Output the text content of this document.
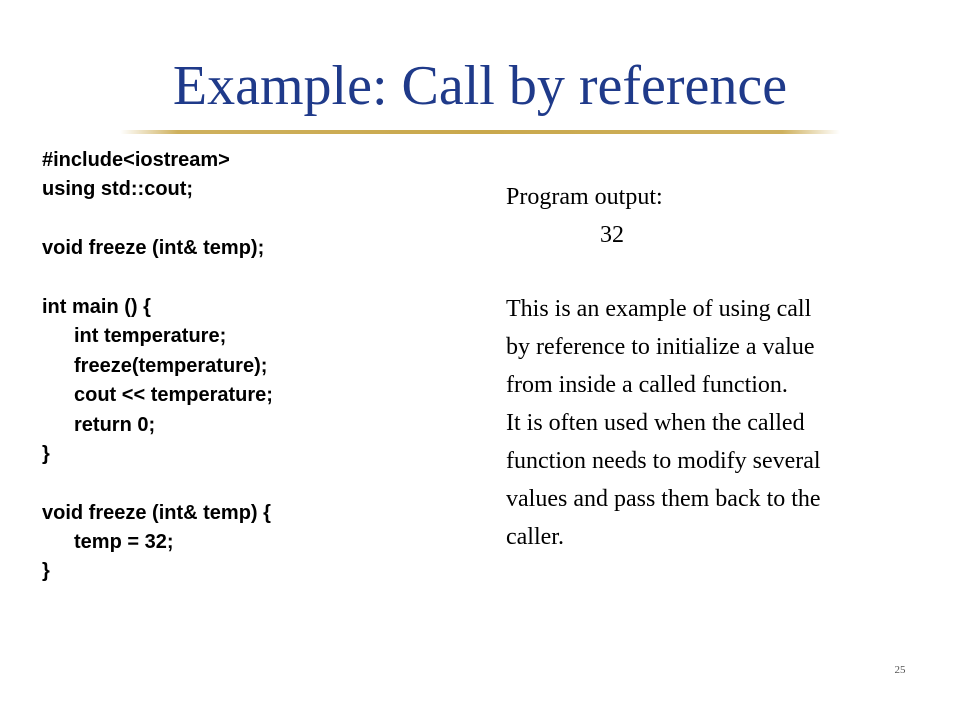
Example: Call by reference
#include<iostream>
using std::cout;
void freeze (int& temp);
int main () {
int temperature;
freeze(temperature);
cout << temperature;
return 0;
}
void freeze (int& temp) {
temp = 32;
}

Program output:

32

This is an example of using call

by reference to initialize a value

from inside a called function.

It is often used when the called

function needs to modify several

values and pass them back to the

caller.

25
